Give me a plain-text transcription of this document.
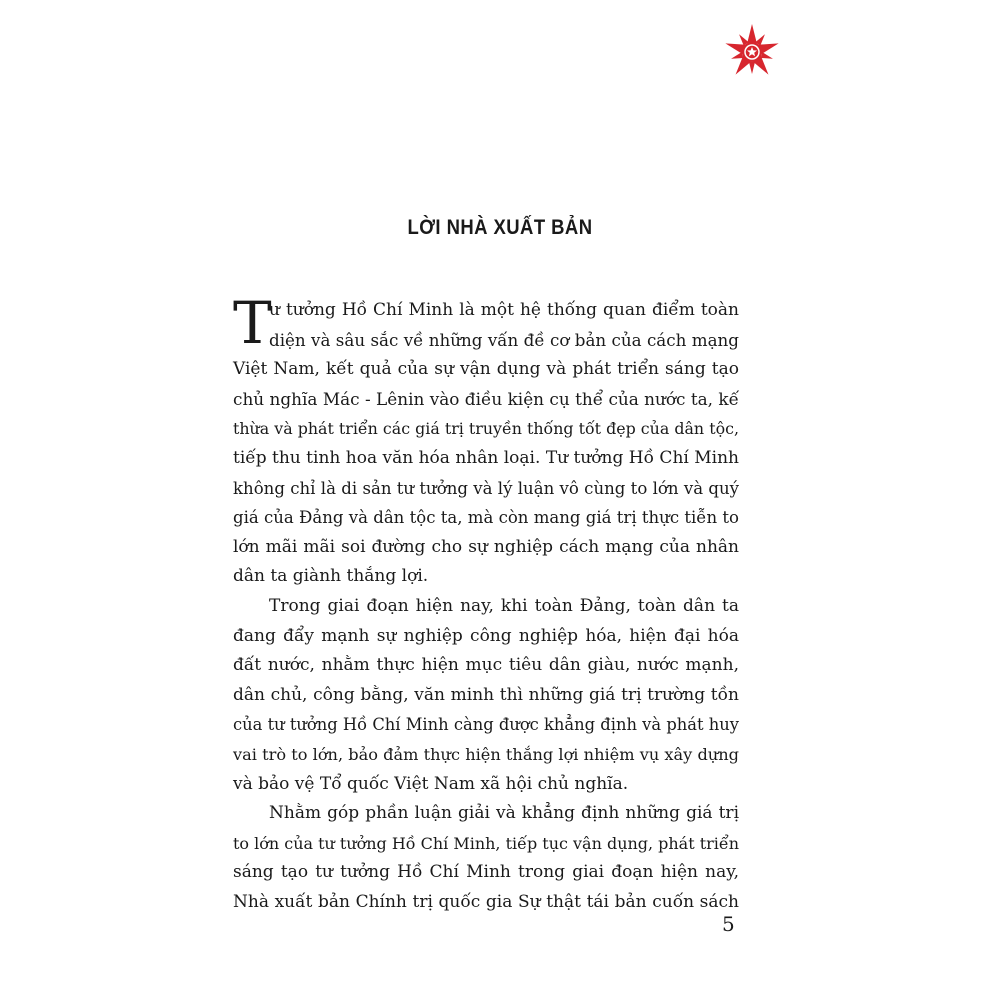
LỜI NHÀ XUẤT BẢN
T
ư tưởng Hồ Chí Minh là một hệ thống quan điểm toàn
diện và sâu sắc về những vấn đề cơ bản của cách mạng
Việt Nam, kết quả của sự vận dụng và phát triển sáng tạo
chủ nghĩa Mác - Lênin vào điều kiện cụ thể của nước ta, kế
thừa và phát triển các giá trị truyền thống tốt đẹp của dân tộc,
tiếp thu tinh hoa văn hóa nhân loại. Tư tưởng Hồ Chí Minh
không chỉ là di sản tư tưởng và lý luận vô cùng to lớn và quý
giá của Đảng và dân tộc ta, mà còn mang giá trị thực tiễn to
lớn mãi mãi soi đường cho sự nghiệp cách mạng của nhân
dân ta giành thắng lợi.
Trong giai đoạn hiện nay, khi toàn Đảng, toàn dân ta
đang đẩy mạnh sự nghiệp công nghiệp hóa, hiện đại hóa
đất nước, nhằm thực hiện mục tiêu dân giàu, nước mạnh,
dân chủ, công bằng, văn minh thì những giá trị trường tồn
của tư tưởng Hồ Chí Minh càng được khẳng định và phát huy
vai trò to lớn, bảo đảm thực hiện thắng lợi nhiệm vụ xây dựng
và bảo vệ Tổ quốc Việt Nam xã hội chủ nghĩa.
Nhằm góp phần luận giải và khẳng định những giá trị
to lớn của tư tưởng Hồ Chí Minh, tiếp tục vận dụng, phát triển
sáng tạo tư tưởng Hồ Chí Minh trong giai đoạn hiện nay,
Nhà xuất bản Chính trị quốc gia Sự thật tái bản cuốn sách
5
